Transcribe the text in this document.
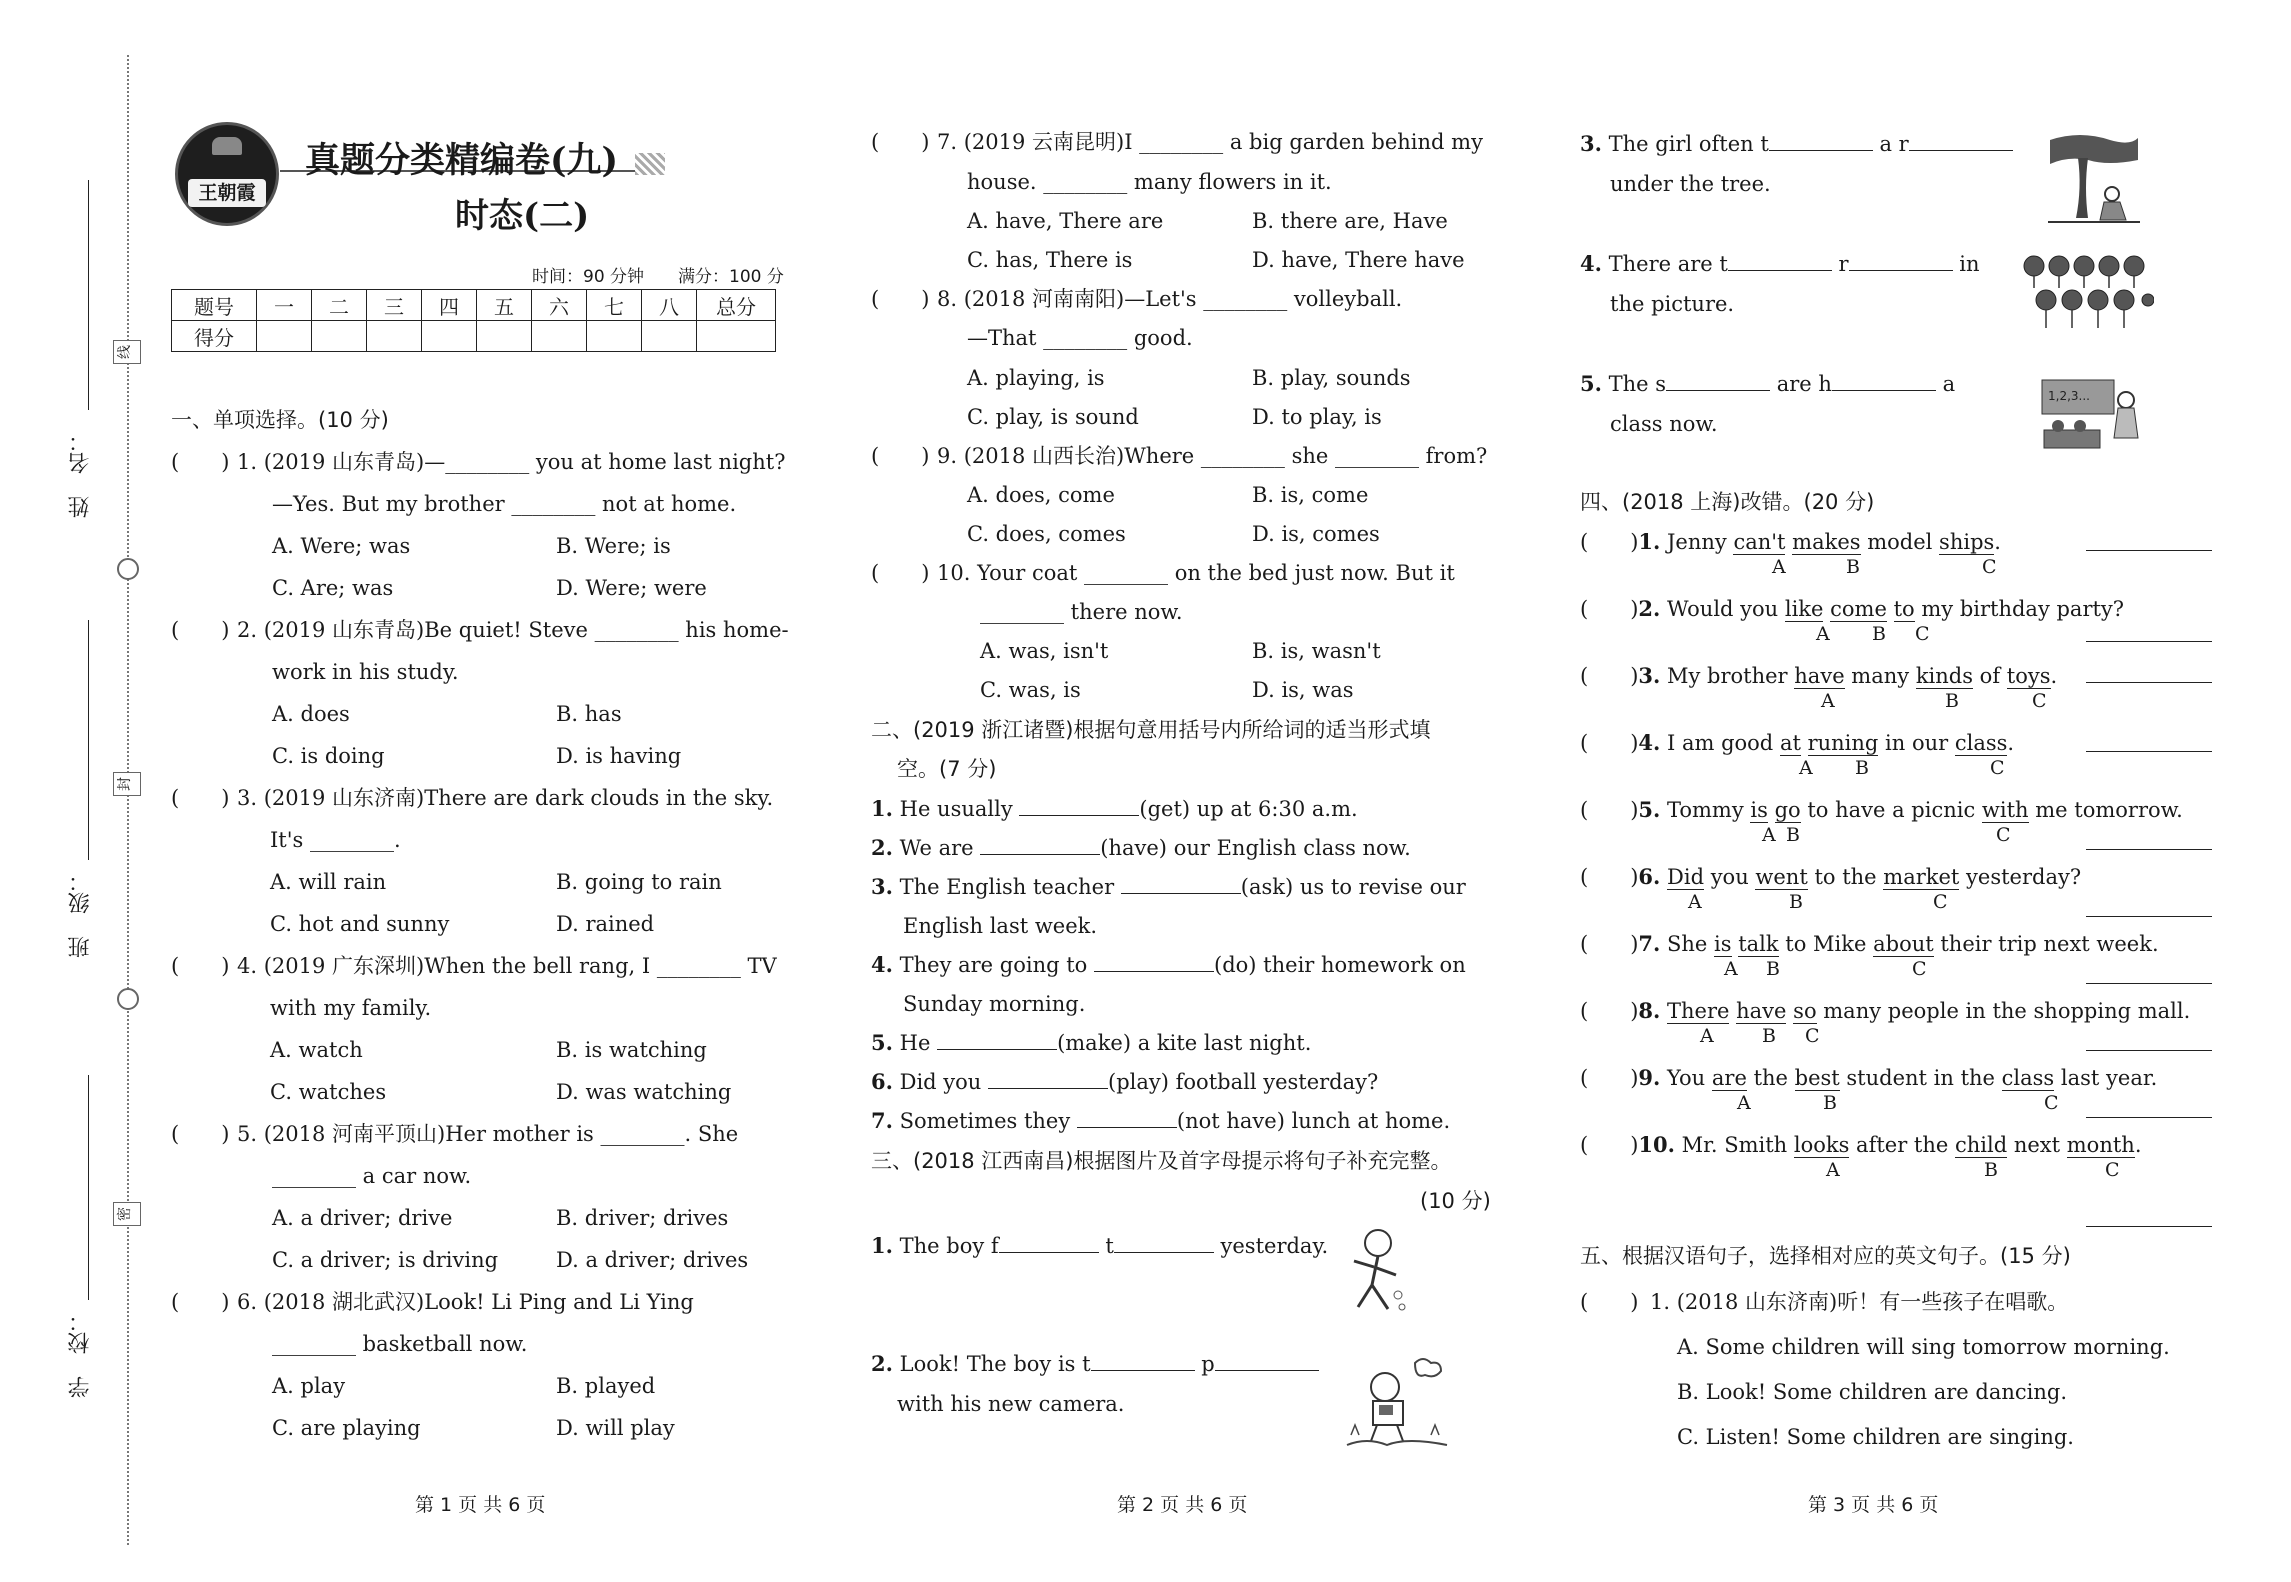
姓　名：
班　级：
学　校：
线
封
密
王朝霞
真题分类精编卷(九)
时态(二)
时间：90 分钟　　满分：100 分
题号	一	二	三	四	五	六	七	八	总分
得分									
一、单项选择。(10 分)
(　　) 1. (2019 山东青岛)—________ you at home last night?
—Yes. But my brother ________ not at home.
A. Were; was	B. Were; is
C. Are; was	D. Were; were
(　　) 2. (2019 山东青岛)Be quiet! Steve ________ his home-
work in his study.
A. does	B. has
C. is doing	D. is having
(　　) 3. (2019 山东济南)There are dark clouds in the sky.
It's ________.
A. will rain	B. going to rain
C. hot and sunny	D. rained
(　　) 4. (2019 广东深圳)When the bell rang, I ________ TV
with my family.
A. watch	B. is watching
C. watches	D. was watching
(　　) 5. (2018 河南平顶山)Her mother is ________. She
________ a car now.
A. a driver; drive	B. driver; drives
C. a driver; is driving	D. a driver; drives
(　　) 6. (2018 湖北武汉)Look! Li Ping and Li Ying
________ basketball now.
A. play	B. played
C. are playing	D. will play
第 1 页 共 6 页
(　　) 7. (2019 云南昆明)I ________ a big garden behind my
house. ________ many flowers in it.
A. have, There are	B. there are, Have
C. has, There is	D. have, There have
(　　) 8. (2018 河南南阳)—Let's ________ volleyball.
—That ________ good.
A. playing, is	B. play, sounds
C. play, is sound	D. to play, is
(　　) 9. (2018 山西长治)Where ________ she ________ from?
A. does, come	B. is, come
C. does, comes	D. is, comes
(　　) 10. Your coat ________ on the bed just now. But it
________ there now.
A. was, isn't	B. is, wasn't
C. was, is	D. is, was
二、(2019 浙江诸暨)根据句意用括号内所给词的适当形式填
空。(7 分)
1. He usually	(get) up at 6:30 a.m.
2. We are	(have) our English class now.
3. The English teacher	(ask) us to revise our
English last week.
4. They are going to	(do) their homework on
Sunday morning.
5. He	(make) a kite last night.
6. Did you	(play) football yesterday?
7. Sometimes they	(not have) lunch at home.
三、(2018 江西南昌)根据图片及首字母提示将句子补充完整。
(10 分)
1. The boy f	t	yesterday.
2. Look! The boy is t	p
with his new camera.
第 2 页 共 6 页
3. The girl often t	a r
under the tree.
4. There are t	r	in
the picture.
5. The s	are h	a
class now.
1,2,3...
四、(2018 上海)改错。(20 分)
(　　)1. Jenny can't makes model ships.
A	B	C
(　　)2. Would you like come to my birthday party?
A B C
(　　)3. My brother have many kinds of toys.
A	B	C
(　　)4. I am good at runing in our class.
A B	C
(　　)5. Tommy is go to have a picnic with me tomorrow.
A B	C
(　　)6. Did you went to the market yesterday?
A	B	C
(　　)7. She is talk to Mike about their trip next week.
A B	C
(　　)8. There have so many people in the shopping mall.
A	B C
(　　)9. You are the best student in the class last year.
A	B	C
(　　)10. Mr. Smith looks after the child next month.
A	B	C
五、根据汉语句子，选择相对应的英文句子。(15 分)
(　　) 1. (2018 山东济南)听！有一些孩子在唱歌。
A. Some children will sing tomorrow morning.
B. Look! Some children are dancing.
C. Listen! Some children are singing.
第 3 页 共 6 页
